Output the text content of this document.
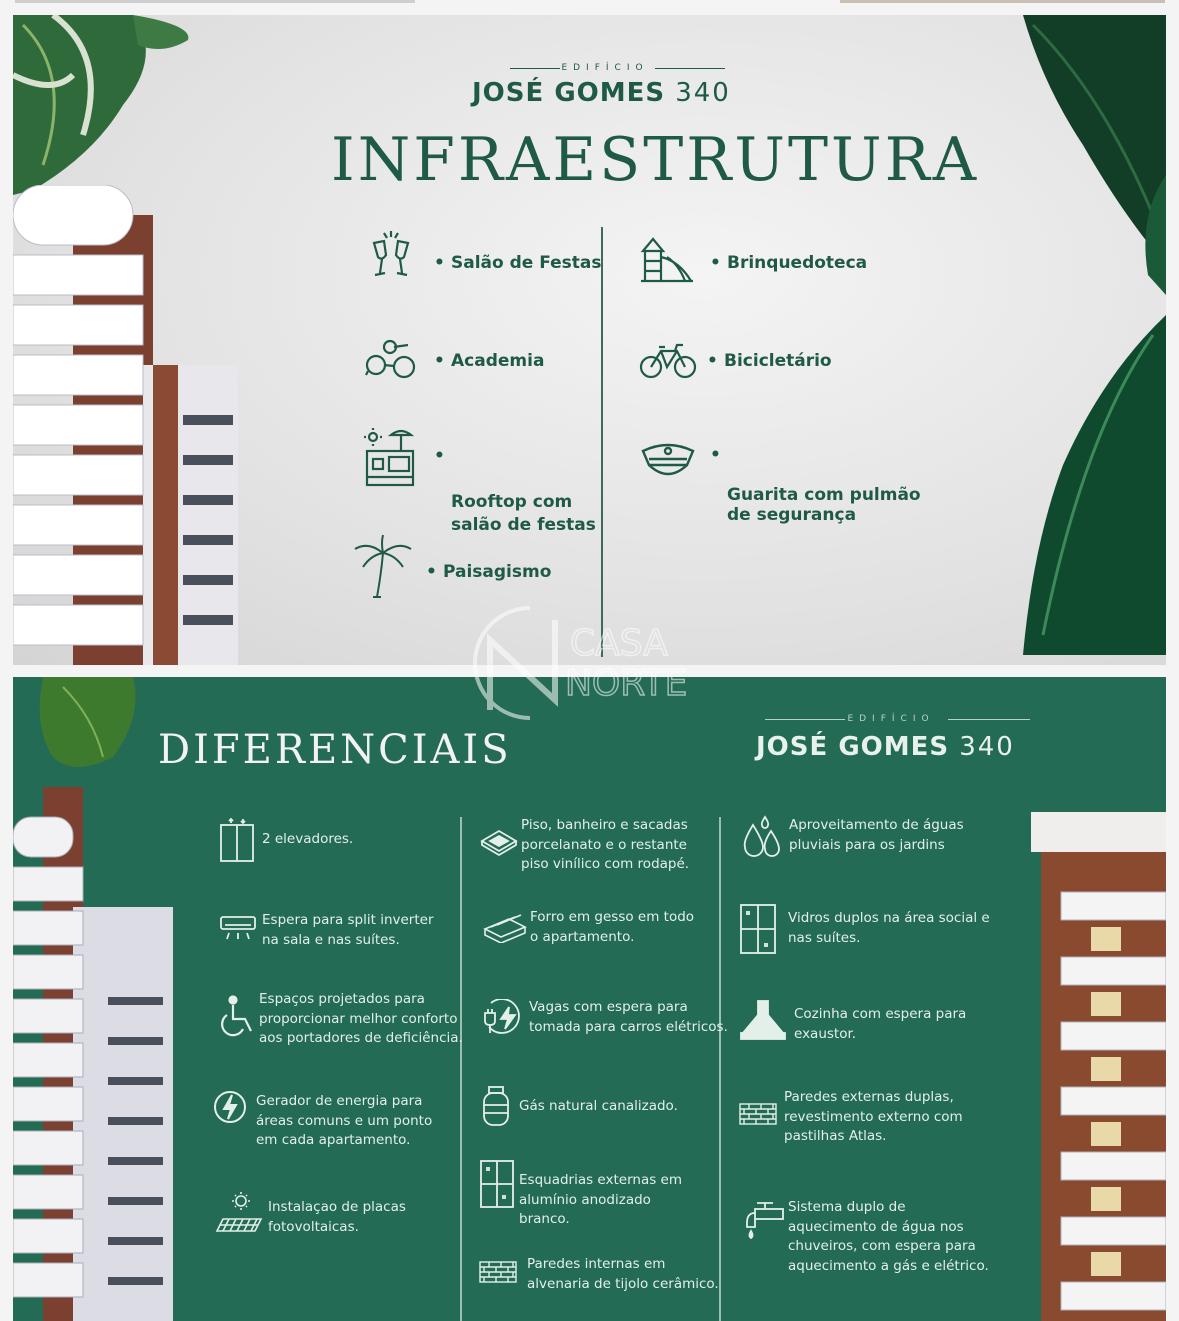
EDIFÍCIO
JOSÉ GOMES 340
INFRAESTRUTURA
• Salão de Festas
• Academia

•

Rooftop com
salão de festas

• Paisagismo
• Brinquedoteca
• Bicicletário

•

Guarita com pulmão
de segurança

DIFERENCIAIS
EDIFÍCIO
JOSÉ GOMES 340
2 elevadores.
Espera para split inverter
na sala e nas suítes.
Espaços projetados para
proporcionar melhor conforto
aos portadores de deficiência.
Gerador de energia para
áreas comuns e um ponto
em cada apartamento.
Instalaçao de placas
fotovoltaicas.
Piso, banheiro e sacadas
porcelanato e o restante
piso vinílico com rodapé.
Forro em gesso em todo
o apartamento.
Vagas com espera para
tomada para carros elétricos.
Gás natural canalizado.
Esquadrias externas em
alumínio anodizado
branco.
Paredes internas em
alvenaria de tijolo cerâmico.
Aproveitamento de águas
pluviais para os jardins
Vidros duplos na área social e
nas suítes.
Cozinha com espera para
exaustor.
Paredes externas duplas,
revestimento externo com
pastilhas Atlas.
Sistema duplo de
aquecimento de água nos
chuveiros, com espera para
aquecimento a gás e elétrico.
CASA
NORTE
